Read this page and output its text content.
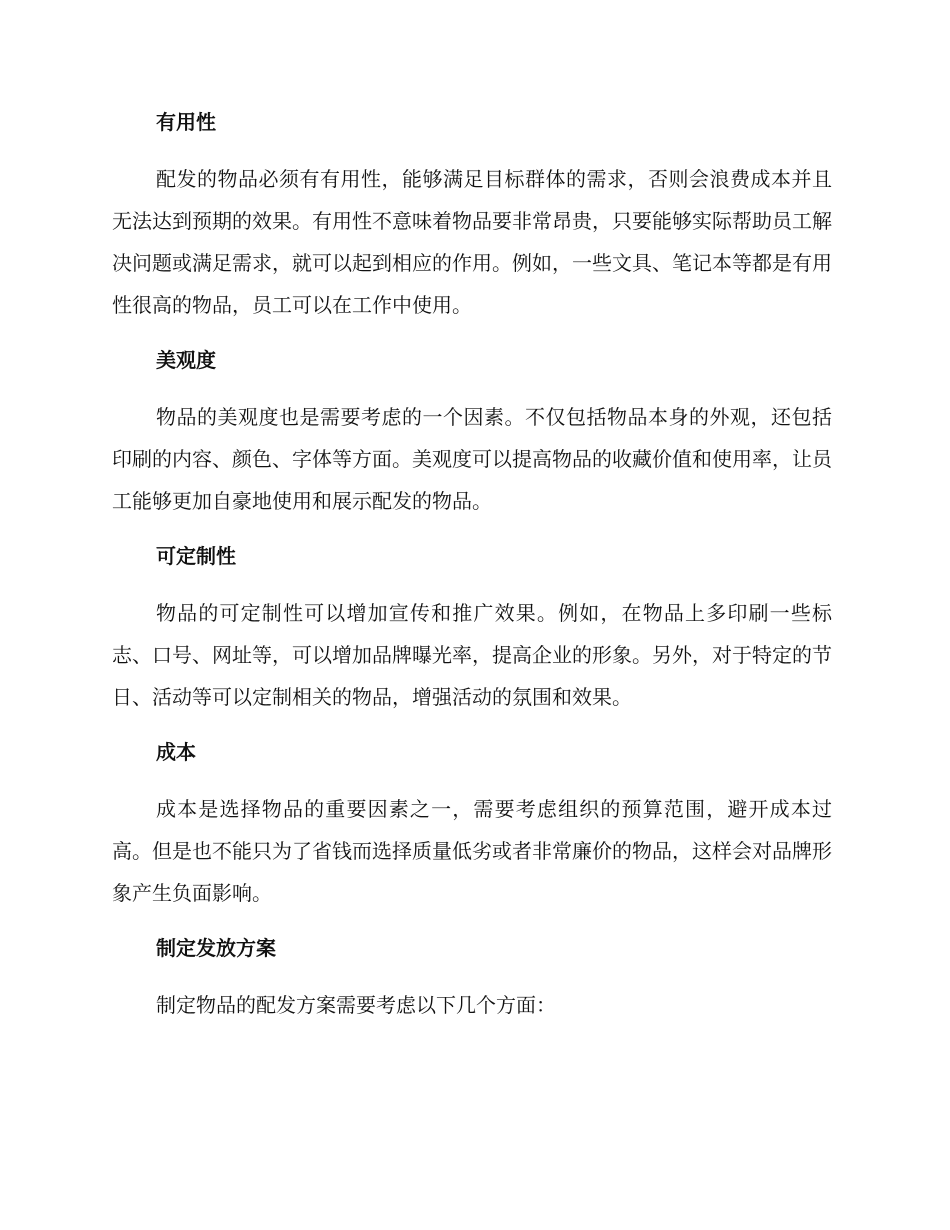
有用性

配发的物品必须有有用性，能够满足目标群体的需求，否则会浪费成本并且无法达到预期的效果。有用性不意味着物品要非常昂贵，只要能够实际帮助员工解决问题或满足需求，就可以起到相应的作用。例如，一些文具、笔记本等都是有用性很高的物品，员工可以在工作中使用。

美观度

物品的美观度也是需要考虑的一个因素。不仅包括物品本身的外观，还包括印刷的内容、颜色、字体等方面。美观度可以提高物品的收藏价值和使用率，让员工能够更加自豪地使用和展示配发的物品。

可定制性

物品的可定制性可以增加宣传和推广效果。例如，在物品上多印刷一些标志、口号、网址等，可以增加品牌曝光率，提高企业的形象。另外，对于特定的节日、活动等可以定制相关的物品，增强活动的氛围和效果。

成本

成本是选择物品的重要因素之一，需要考虑组织的预算范围，避开成本过高。但是也不能只为了省钱而选择质量低劣或者非常廉价的物品，这样会对品牌形象产生负面影响。

制定发放方案

制定物品的配发方案需要考虑以下几个方面：
